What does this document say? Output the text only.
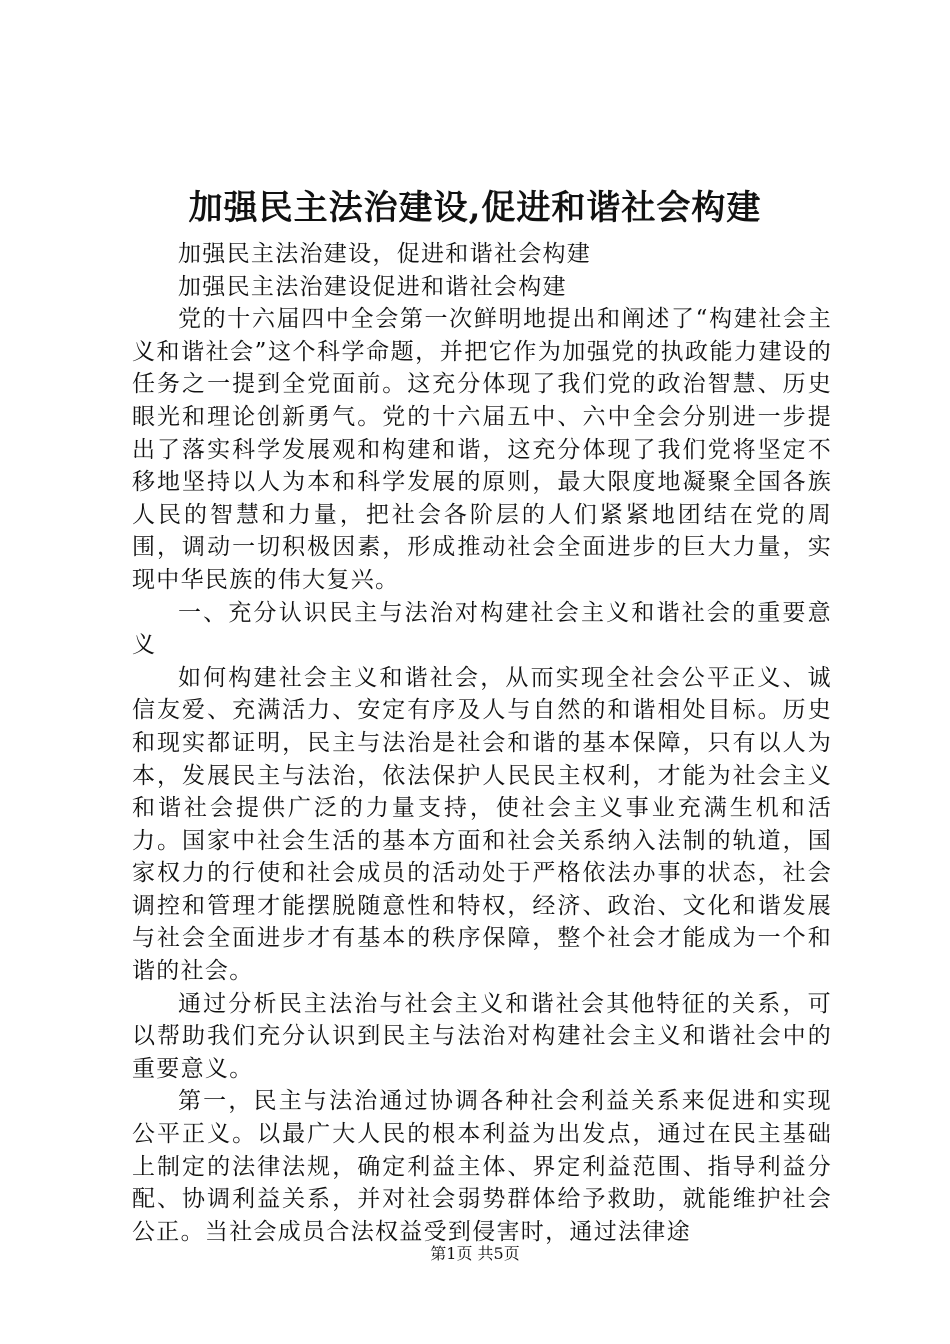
加强民主法治建设,促进和谐社会构建

加强民主法治建设，促进和谐社会构建

加强民主法治建设促进和谐社会构建

党的十六届四中全会第一次鲜明地提出和阐述了“构建社会主义和谐社会”这个科学命题，并把它作为加强党的执政能力建设的任务之一提到全党面前。这充分体现了我们党的政治智慧、历史眼光和理论创新勇气。党的十六届五中、六中全会分别进一步提出了落实科学发展观和构建和谐，这充分体现了我们党将坚定不移地坚持以人为本和科学发展的原则，最大限度地凝聚全国各族人民的智慧和力量，把社会各阶层的人们紧紧地团结在党的周围，调动一切积极因素，形成推动社会全面进步的巨大力量，实现中华民族的伟大复兴。

一、充分认识民主与法治对构建社会主义和谐社会的重要意义

如何构建社会主义和谐社会，从而实现全社会公平正义、诚信友爱、充满活力、安定有序及人与自然的和谐相处目标。历史和现实都证明，民主与法治是社会和谐的基本保障，只有以人为本，发展民主与法治，依法保护人民民主权利，才能为社会主义和谐社会提供广泛的力量支持，使社会主义事业充满生机和活力。国家中社会生活的基本方面和社会关系纳入法制的轨道，国家权力的行使和社会成员的活动处于严格依法办事的状态，社会调控和管理才能摆脱随意性和特权，经济、政治、文化和谐发展与社会全面进步才有基本的秩序保障，整个社会才能成为一个和谐的社会。

通过分析民主法治与社会主义和谐社会其他特征的关系，可以帮助我们充分认识到民主与法治对构建社会主义和谐社会中的重要意义。

第一，民主与法治通过协调各种社会利益关系来促进和实现公平正义。以最广大人民的根本利益为出发点，通过在民主基础上制定的法律法规，确定利益主体、界定利益范围、指导利益分配、协调利益关系，并对社会弱势群体给予救助，就能维护社会公正。当社会成员合法权益受到侵害时，通过法律途

第1页 共5页
